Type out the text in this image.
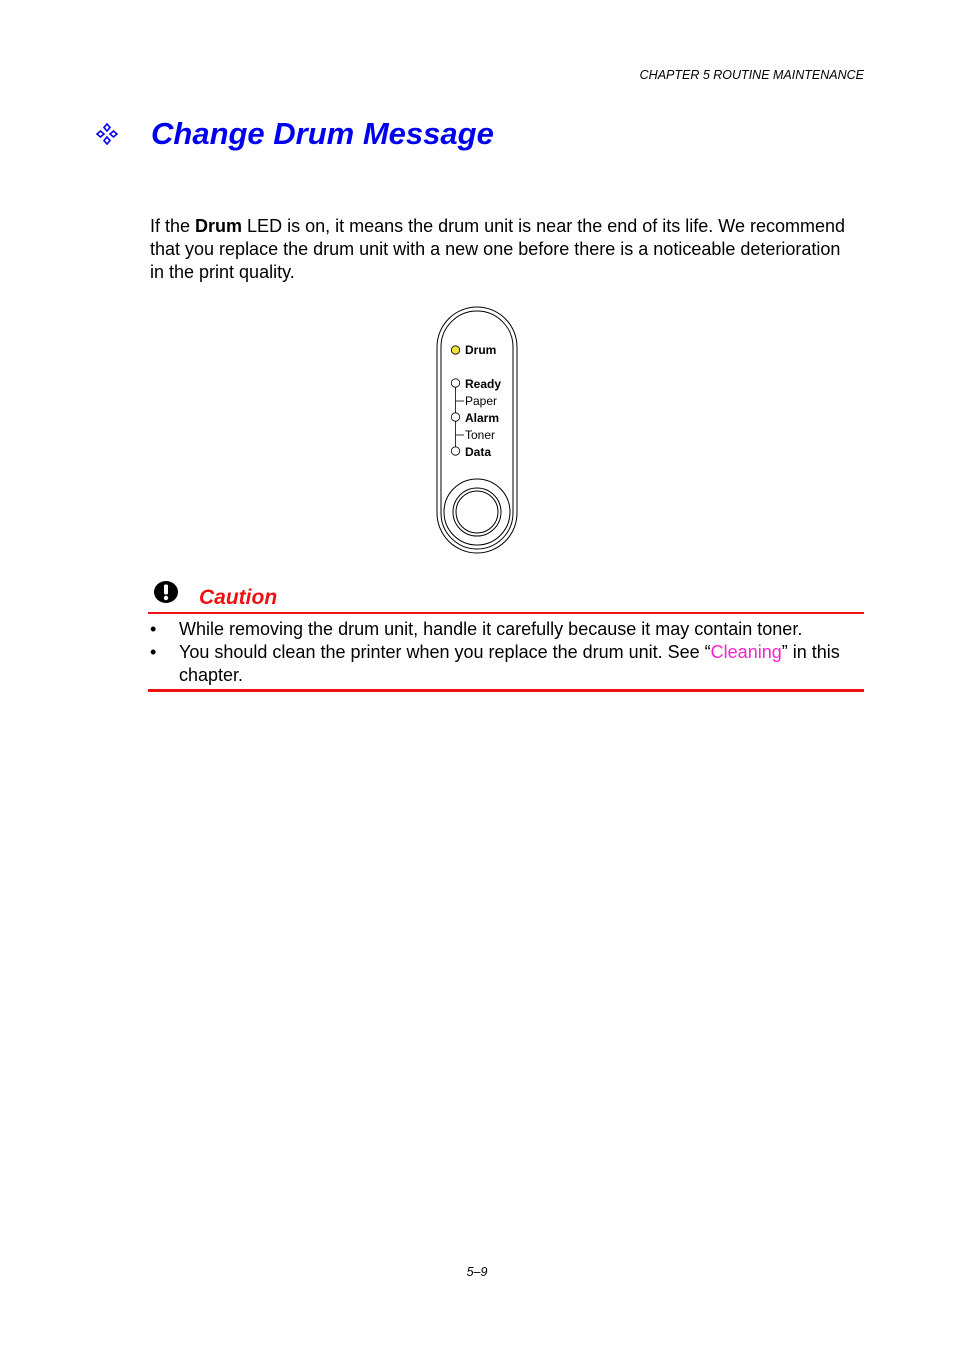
CHAPTER 5 ROUTINE MAINTENANCE
Change Drum Message

If the Drum LED is on, it means the drum unit is near the end of its life. We recommend that you replace the drum unit with a new one before there is a noticeable deterioration in the print quality.

Drum
Ready
Paper
Alarm
Toner
Data
Caution
• While removing the drum unit, handle it carefully because it may contain toner.
• You should clean the printer when you replace the drum unit. See “Cleaning” in this chapter.
5–9
